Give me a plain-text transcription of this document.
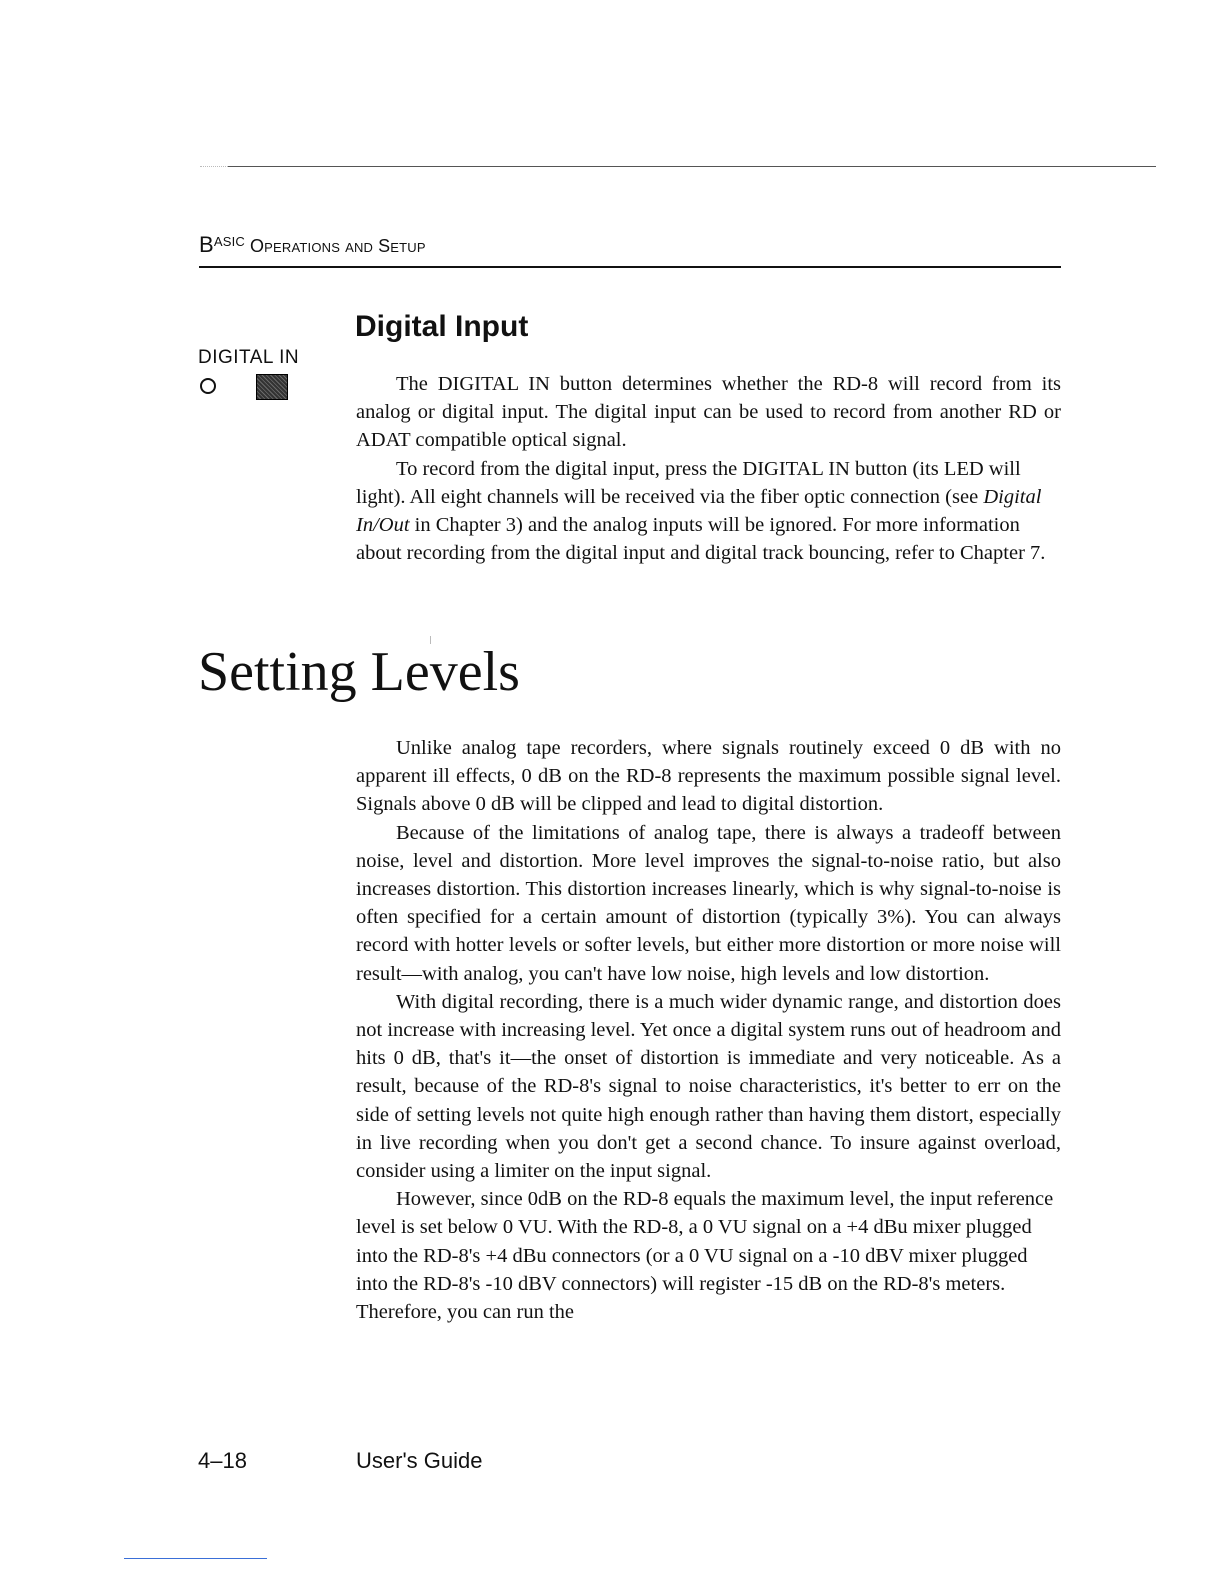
$B^{ASIC}$ OPERATIONS AND SETUP
DIGITAL IN
Digital Input

The DIGITAL IN button determines whether the RD-8 will record from its analog or digital input. The digital input can be used to record from another RD or ADAT compatible optical signal.

To record from the digital input, press the DIGITAL IN button (its LED will light). All eight channels will be received via the fiber optic connection (see Digital In/Out in Chapter 3) and the analog inputs will be ignored. For more information about recording from the digital input and digital track bouncing, refer to Chapter 7.

Setting Levels

Unlike analog tape recorders, where signals routinely exceed 0 dB with no apparent ill effects, 0 dB on the RD-8 represents the maximum possible signal level. Signals above 0 dB will be clipped and lead to digital distortion.

Because of the limitations of analog tape, there is always a tradeoff between noise, level and distortion. More level improves the signal-to-noise ratio, but also increases distortion. This distortion increases linearly, which is why signal-to-noise is often specified for a certain amount of distortion (typically 3%). You can always record with hotter levels or softer levels, but either more distortion or more noise will result—with analog, you can't have low noise, high levels and low distortion.

With digital recording, there is a much wider dynamic range, and distortion does not increase with increasing level. Yet once a digital system runs out of headroom and hits 0 dB, that's it—the onset of distortion is immediate and very noticeable. As a result, because of the RD-8's signal to noise characteristics, it's better to err on the side of setting levels not quite high enough rather than having them distort, especially in live recording when you don't get a second chance. To insure against overload, consider using a limiter on the input signal.

However, since 0dB on the RD-8 equals the maximum level, the input reference level is set below 0 VU. With the RD-8, a 0 VU signal on a +4 dBu mixer plugged into the RD-8's +4 dBu connectors (or a 0 VU signal on a -10 dBV mixer plugged into the RD-8's -10 dBV connectors) will register -15 dB on the RD-8's meters. Therefore, you can run the

4–18	User's Guide
